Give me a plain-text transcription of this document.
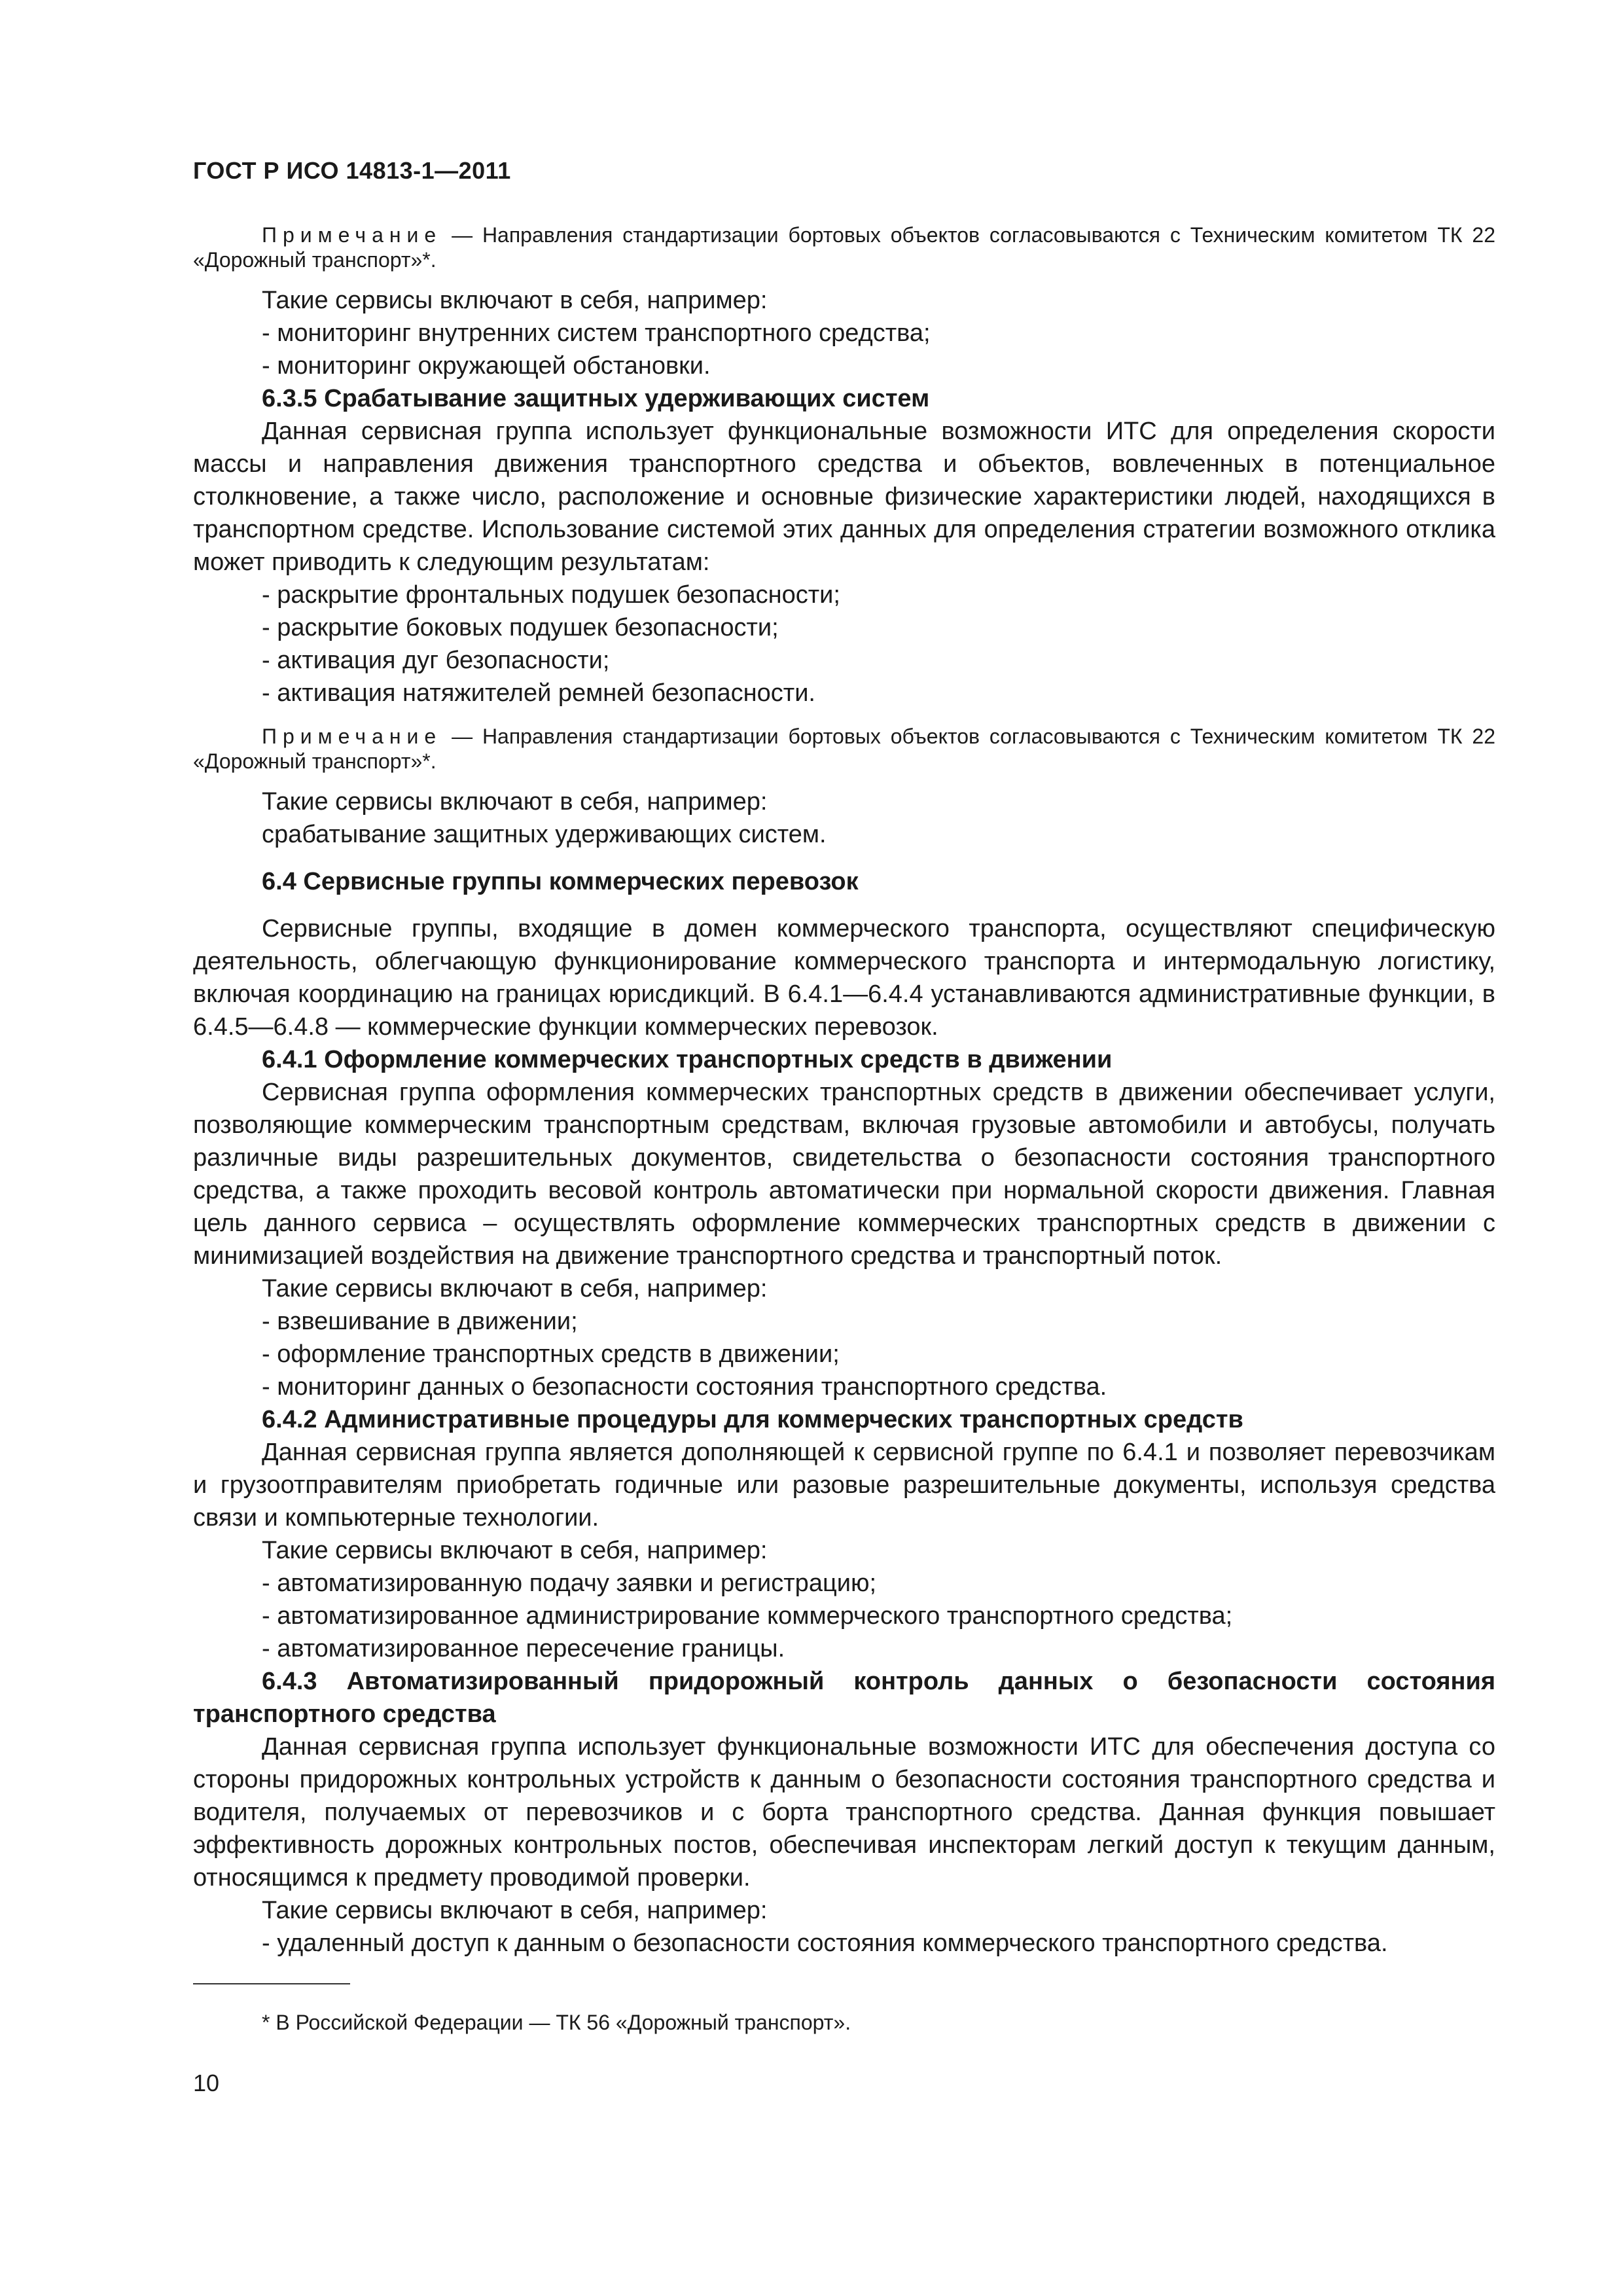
ГОСТ Р ИСО 14813-1—2011

Примечание — Направления стандартизации бортовых объектов согласовываются с Техническим комитетом ТК 22 «Дорожный транспорт»*.

Такие сервисы включают в себя, например:

- мониторинг внутренних систем транспортного средства;
- мониторинг окружающей обстановки.

6.3.5 Срабатывание защитных удерживающих систем

Данная сервисная группа использует функциональные возможности ИТС для определения скорости массы и направления движения транспортного средства и объектов, вовлеченных в потенциальное столкновение, а также число, расположение и основные физические характеристики людей, находящихся в транспортном средстве. Использование системой этих данных для определения стратегии возможного отклика может приводить к следующим результатам:

- раскрытие фронтальных подушек безопасности;
- раскрытие боковых подушек безопасности;
- активация дуг безопасности;
- активация натяжителей ремней безопасности.

Примечание — Направления стандартизации бортовых объектов согласовываются с Техническим комитетом ТК 22 «Дорожный транспорт»*.

Такие сервисы включают в себя, например:

срабатывание защитных удерживающих систем.

6.4 Сервисные группы коммерческих перевозок

Сервисные группы, входящие в домен коммерческого транспорта, осуществляют специфическую деятельность, облегчающую функционирование коммерческого транспорта и интермодальную логистику, включая координацию на границах юрисдикций. В 6.4.1—6.4.4 устанавливаются административные функции, в 6.4.5—6.4.8 — коммерческие функции коммерческих перевозок.

6.4.1 Оформление коммерческих транспортных средств в движении

Сервисная группа оформления коммерческих транспортных средств в движении обеспечивает услуги, позволяющие коммерческим транспортным средствам, включая грузовые автомобили и автобусы, получать различные виды разрешительных документов, свидетельства о безопасности состояния транспортного средства, а также проходить весовой контроль автоматически при нормальной скорости движения. Главная цель данного сервиса – осуществлять оформление коммерческих транспортных средств в движении с минимизацией воздействия на движение транспортного средства и транспортный поток.

Такие сервисы включают в себя, например:

- взвешивание в движении;
- оформление транспортных средств в движении;
- мониторинг данных о безопасности состояния транспортного средства.

6.4.2 Административные процедуры для коммерческих транспортных средств

Данная сервисная группа является дополняющей к сервисной группе по 6.4.1 и позволяет перевозчикам и грузоотправителям приобретать годичные или разовые разрешительные документы, используя средства связи и компьютерные технологии.

Такие сервисы включают в себя, например:

- автоматизированную подачу заявки и регистрацию;
- автоматизированное администрирование коммерческого транспортного средства;
- автоматизированное пересечение границы.

6.4.3 Автоматизированный придорожный контроль данных о безопасности состояния транспортного средства

Данная сервисная группа использует функциональные возможности ИТС для обеспечения доступа со стороны придорожных контрольных устройств к данным о безопасности состояния транспортного средства и водителя, получаемых от перевозчиков и с борта транспортного средства. Данная функция повышает эффективность дорожных контрольных постов, обеспечивая инспекторам легкий доступ к текущим данным, относящимся к предмету проводимой проверки.

Такие сервисы включают в себя, например:

- удаленный доступ к данным о безопасности состояния коммерческого транспортного средства.

* В Российской Федерации — ТК 56 «Дорожный транспорт».

10
